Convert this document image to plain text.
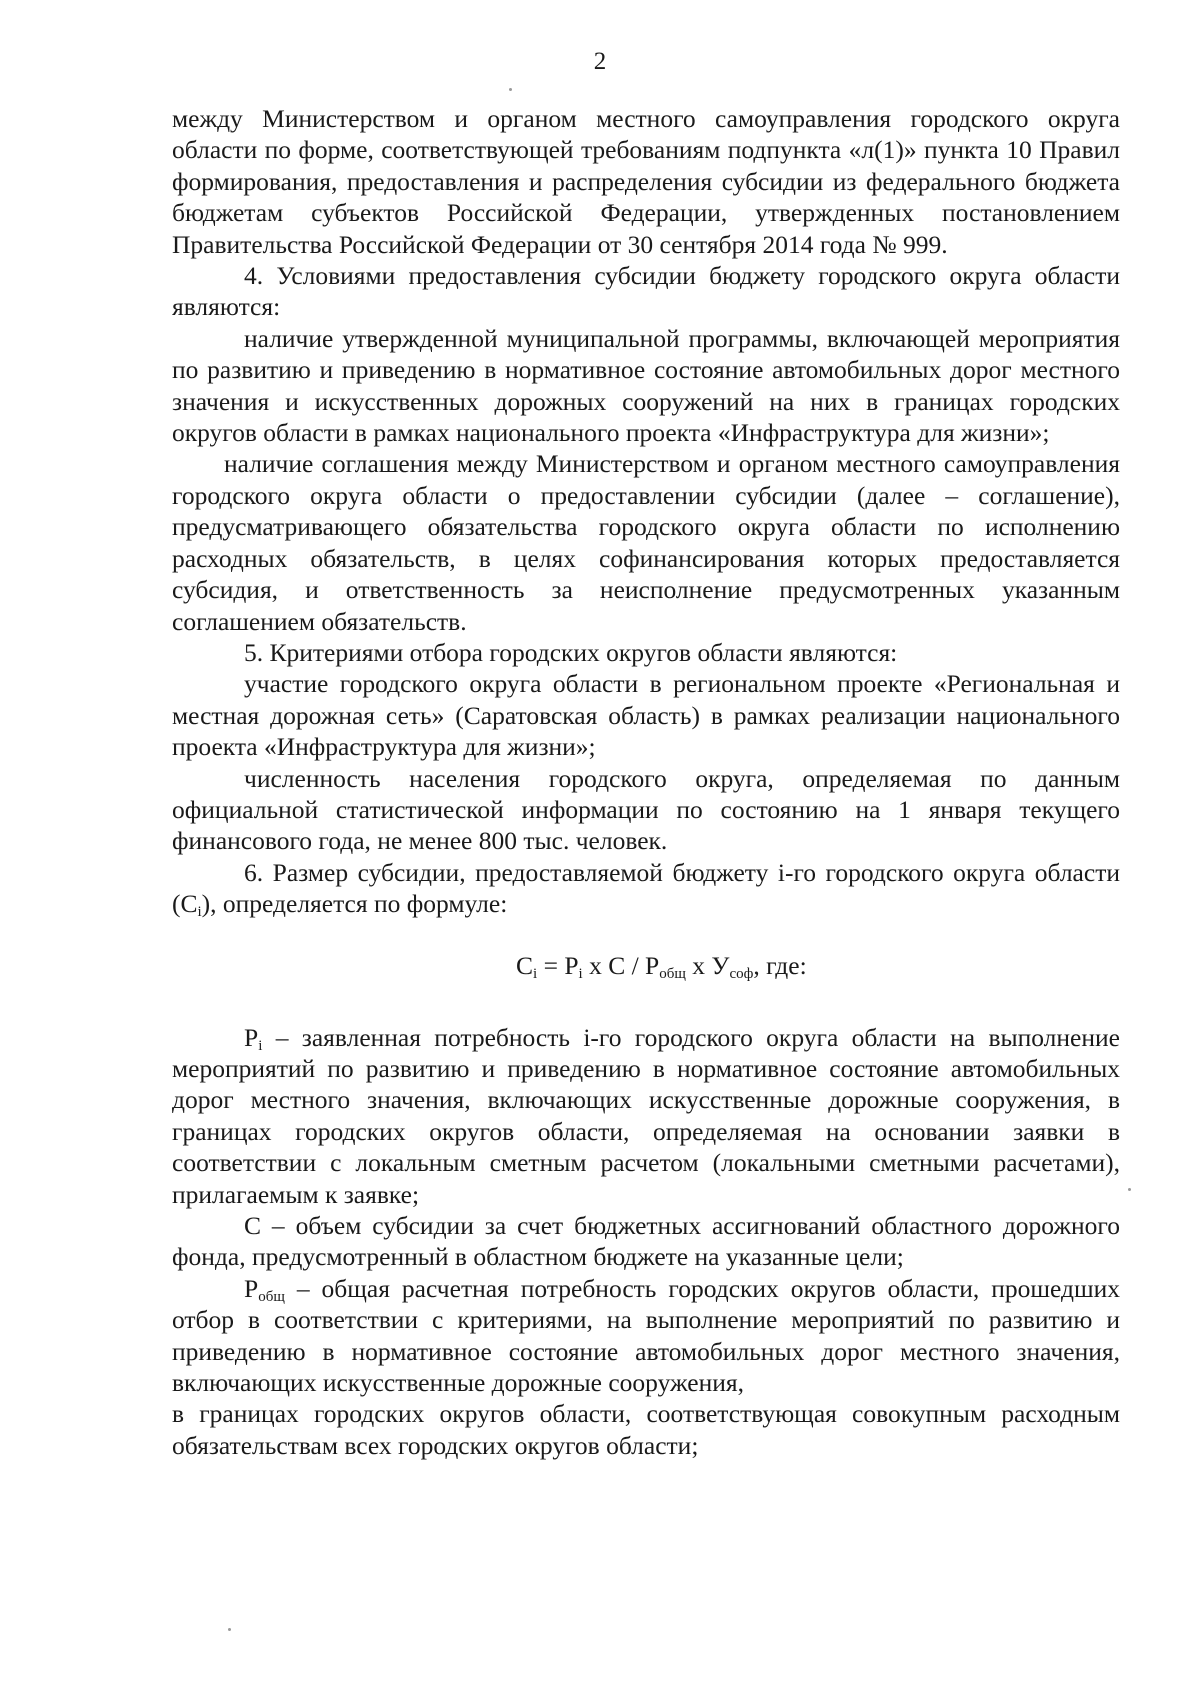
2

между Министерством и органом местного самоуправления городского округа области по форме, соответствующей требованиям подпункта «л(1)» пункта 10 Правил формирования, предоставления и распределения субсидии из федерального бюджета бюджетам субъектов Российской Федерации, утвержденных постановлением Правительства Российской Федерации от 30 сентября 2014 года № 999.

4. Условиями предоставления субсидии бюджету городского округа области являются:

наличие утвержденной муниципальной программы, включающей мероприятия по развитию и приведению в нормативное состояние автомобильных дорог местного значения и искусственных дорожных сооружений на них в границах городских округов области в рамках национального проекта «Инфраструктура для жизни»;

наличие соглашения между Министерством и органом местного самоуправления городского округа области о предоставлении субсидии (далее – соглашение), предусматривающего обязательства городского округа области по исполнению расходных обязательств, в целях софинансирования которых предоставляется субсидия, и ответственность за неисполнение предусмотренных указанным соглашением обязательств.

5. Критериями отбора городских округов области являются:

участие городского округа области в региональном проекте «Региональная и местная дорожная сеть» (Саратовская область) в рамках реализации национального проекта «Инфраструктура для жизни»;

численность населения городского округа, определяемая по данным официальной статистической информации по состоянию на 1 января текущего финансового года, не менее 800 тыс. человек.

6. Размер субсидии, предоставляемой бюджету i-го городского округа области $(C_i)$, определяется по формуле:

$C_i = P_i$ x C / $P_{общ}$ x $У_{соф}$, где:

$P_i$ – заявленная потребность i-го городского округа области на выполнение мероприятий по развитию и приведению в нормативное состояние автомобильных дорог местного значения, включающих искусственные дорожные сооружения, в границах городских округов области, определяемая на основании заявки в соответствии с локальным сметным расчетом (локальными сметными расчетами), прилагаемым к заявке;

C – объем субсидии за счет бюджетных ассигнований областного дорожного фонда, предусмотренный в областном бюджете на указанные цели;

$P_{общ}$ – общая расчетная потребность городских округов области, прошедших отбор в соответствии с критериями, на выполнение мероприятий по развитию и приведению в нормативное состояние автомобильных дорог местного значения, включающих искусственные дорожные сооружения,

в границах городских округов области, соответствующая совокупным расходным обязательствам всех городских округов области;
